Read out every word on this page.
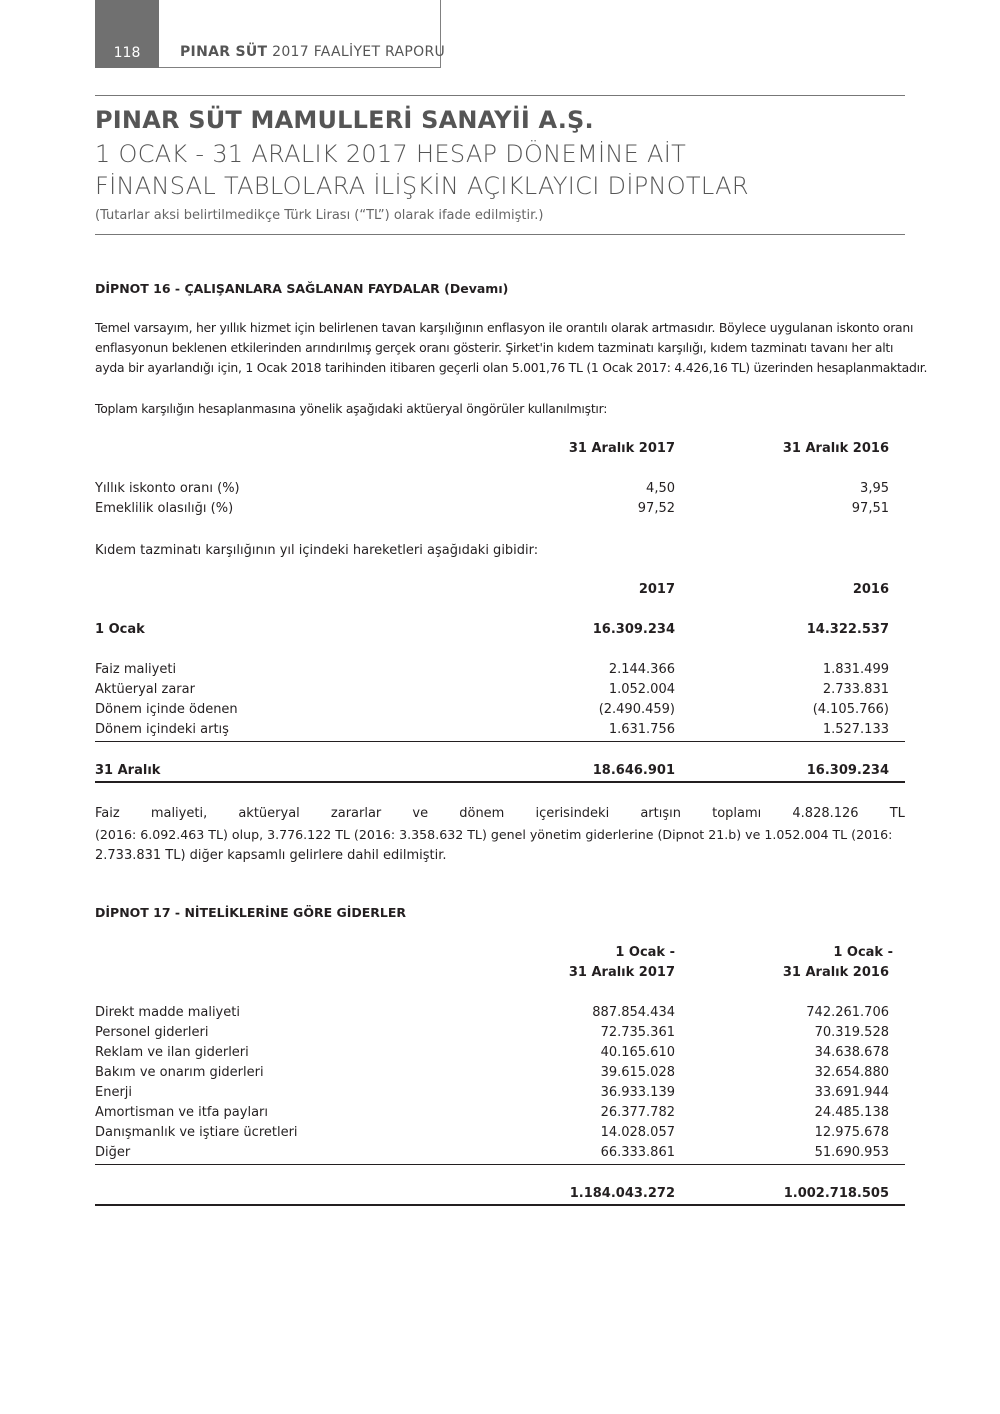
118	PINAR SÜT 2017 FAALİYET RAPORU
PINAR SÜT MAMULLERİ SANAYİİ A.Ş.
1 OCAK - 31 ARALIK 2017 HESAP DÖNEMİNE AİT
FİNANSAL TABLOLARA İLİŞKİN AÇIKLAYICI DİPNOTLAR
(Tutarlar aksi belirtilmedikçe Türk Lirası (“TL”) olarak ifade edilmiştir.)
DİPNOT 16 - ÇALIŞANLARA SAĞLANAN FAYDALAR (Devamı)
Temel varsayım, her yıllık hizmet için belirlenen tavan karşılığının enflasyon ile orantılı olarak artmasıdır. Böylece uygulanan iskonto oranı
enflasyonun beklenen etkilerinden arındırılmış gerçek oranı gösterir. Şirket'in kıdem tazminatı karşılığı, kıdem tazminatı tavanı her altı
ayda bir ayarlandığı için, 1 Ocak 2018 tarihinden itibaren geçerli olan 5.001,76 TL (1 Ocak 2017: 4.426,16 TL) üzerinden hesaplanmaktadır.
Toplam karşılığın hesaplanmasına yönelik aşağıdaki aktüeryal öngörüler kullanılmıştır:
31 Aralık 2017	31 Aralık 2016
Yıllık iskonto oranı (%)	4,50	3,95
Emeklilik olasılığı (%)	97,52	97,51
Kıdem tazminatı karşılığının yıl içindeki hareketleri aşağıdaki gibidir:
2017	2016
1 Ocak	16.309.234	14.322.537
Faiz maliyeti	2.144.366	1.831.499
Aktüeryal zarar	1.052.004	2.733.831
Dönem içinde ödenen	(2.490.459)	(4.105.766)
Dönem içindeki artış	1.631.756	1.527.133
31 Aralık	18.646.901	16.309.234
Faiz maliyeti, aktüeryal zararlar ve dönem içerisindeki artışın toplamı 4.828.126 TL
(2016: 6.092.463 TL) olup, 3.776.122 TL (2016: 3.358.632 TL) genel yönetim giderlerine (Dipnot 21.b) ve 1.052.004 TL (2016:
2.733.831 TL) diğer kapsamlı gelirlere dahil edilmiştir.
DİPNOT 17 - NİTELİKLERİNE GÖRE GİDERLER
1 Ocak -	1 Ocak -
31 Aralık 2017	31 Aralık 2016
Direkt madde maliyeti	887.854.434	742.261.706
Personel giderleri	72.735.361	70.319.528
Reklam ve ilan giderleri	40.165.610	34.638.678
Bakım ve onarım giderleri	39.615.028	32.654.880
Enerji	36.933.139	33.691.944
Amortisman ve itfa payları	26.377.782	24.485.138
Danışmanlık ve iştiare ücretleri	14.028.057	12.975.678
Diğer	66.333.861	51.690.953
1.184.043.272	1.002.718.505
